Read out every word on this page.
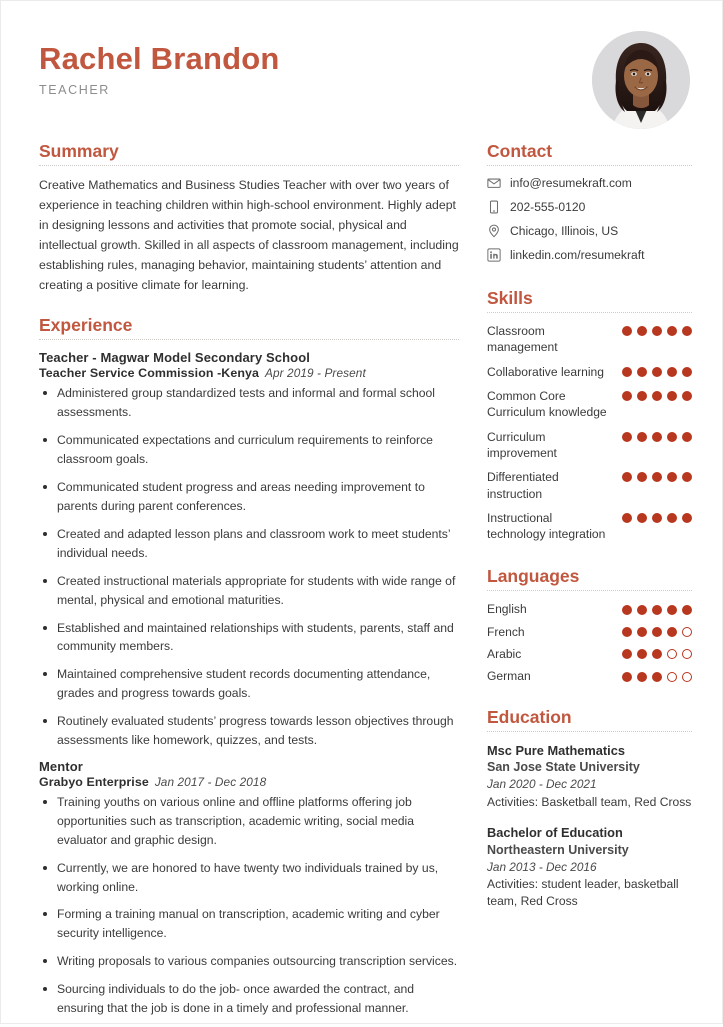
Rachel Brandon
TEACHER
Summary
Creative Mathematics and Business Studies Teacher with over two years of experience in teaching children within high-school environment. Highly adept in designing lessons and activities that promote social, physical and intellectual growth. Skilled in all aspects of classroom management, including establishing rules, managing behavior, maintaining students’ attention and creating a positive climate for learning.
Experience
Teacher - Magwar Model Secondary School
Teacher Service Commission -Kenya Apr 2019 - Present
Administered group standardized tests and informal and formal school assessments.
Communicated expectations and curriculum requirements to reinforce classroom goals.
Communicated student progress and areas needing improvement to parents during parent conferences.
Created and adapted lesson plans and classroom work to meet students’ individual needs.
Created instructional materials appropriate for students with wide range of mental, physical and emotional maturities.
Established and maintained relationships with students, parents, staff and community members.
Maintained comprehensive student records documenting attendance, grades and progress towards goals.
Routinely evaluated students’ progress towards lesson objectives through assessments like homework, quizzes, and tests.
Mentor
Grabyo Enterprise Jan 2017 - Dec 2018
Training youths on various online and offline platforms offering job opportunities such as transcription, academic writing, social media evaluator and graphic design.
Currently, we are honored to have twenty two individuals trained by us, working online.
Forming a training manual on transcription, academic writing and cyber security intelligence.
Writing proposals to various companies outsourcing transcription services.
Sourcing individuals to do the job- once awarded the contract, and ensuring that the job is done in a timely and professional manner.
Contact
info@resumekraft.com
202-555-0120
Chicago, Illinois, US
linkedin.com/resumekraft
Skills
Classroom management
Collaborative learning
Common Core Curriculum knowledge
Curriculum improvement
Differentiated instruction
Instructional technology integration
Languages
English
French
Arabic
German
Education
Msc Pure Mathematics
San Jose State University
Jan 2020 - Dec 2021
Activities: Basketball team, Red Cross
Bachelor of Education
Northeastern University
Jan 2013 - Dec 2016
Activities: student leader, basketball team, Red Cross
